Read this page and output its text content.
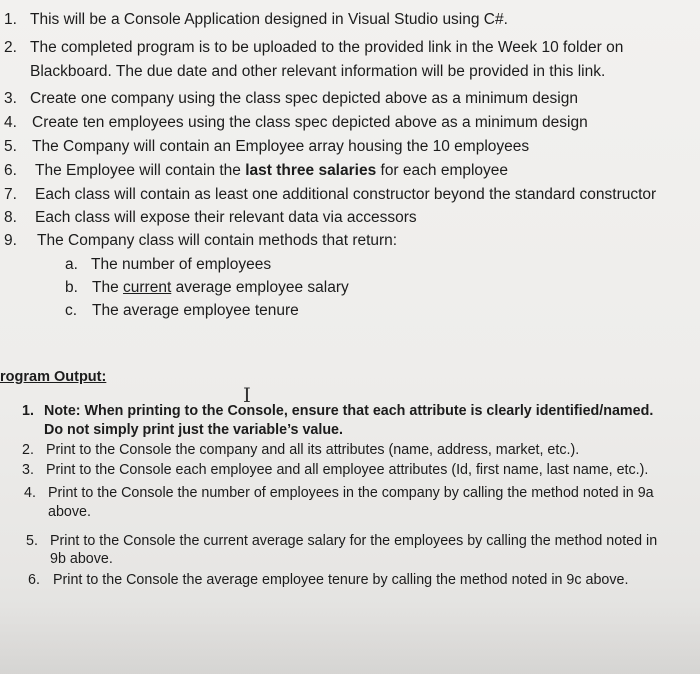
1. This will be a Console Application designed in Visual Studio using C#.
2. The completed program is to be uploaded to the provided link in the Week 10 folder on
Blackboard. The due date and other relevant information will be provided in this link.
3. Create one company using the class spec depicted above as a minimum design
4. Create ten employees using the class spec depicted above as a minimum design
5. The Company will contain an Employee array housing the 10 employees
6. The Employee will contain the last three salaries for each employee
7. Each class will contain as least one additional constructor beyond the standard constructor
8. Each class will expose their relevant data via accessors
9. The Company class will contain methods that return:
a. The number of employees
b. The current average employee salary
c. The average employee tenure
rogram Output:
I
1. Note: When printing to the Console, ensure that each attribute is clearly identified/named.
Do not simply print just the variable’s value.
2. Print to the Console the company and all its attributes (name, address, market, etc.).
3. Print to the Console each employee and all employee attributes (Id, first name, last name, etc.).
4. Print to the Console the number of employees in the company by calling the method noted in 9a
above.
5. Print to the Console the current average salary for the employees by calling the method noted in
9b above.
6. Print to the Console the average employee tenure by calling the method noted in 9c above.
